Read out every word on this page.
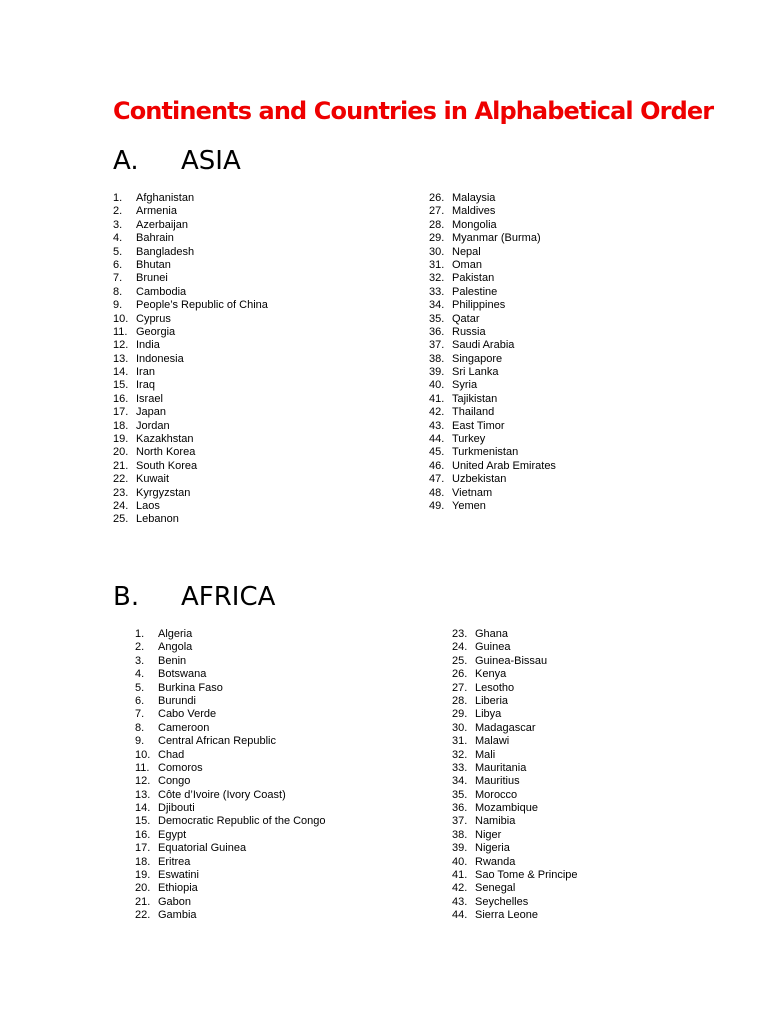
Continents and Countries in Alphabetical Order
A. ASIA
1. Afghanistan
2. Armenia
3. Azerbaijan
4. Bahrain
5. Bangladesh
6. Bhutan
7. Brunei
8. Cambodia
9. People’s Republic of China
10. Cyprus
11. Georgia
12. India
13. Indonesia
14. Iran
15. Iraq
16. Israel
17. Japan
18. Jordan
19. Kazakhstan
20. North Korea
21. South Korea
22. Kuwait
23. Kyrgyzstan
24. Laos
25. Lebanon
26. Malaysia
27. Maldives
28. Mongolia
29. Myanmar (Burma)
30. Nepal
31. Oman
32. Pakistan
33. Palestine
34. Philippines
35. Qatar
36. Russia
37. Saudi Arabia
38. Singapore
39. Sri Lanka
40. Syria
41. Tajikistan
42. Thailand
43. East Timor
44. Turkey
45. Turkmenistan
46. United Arab Emirates
47. Uzbekistan
48. Vietnam
49. Yemen
B. AFRICA
1. Algeria
2. Angola
3. Benin
4. Botswana
5. Burkina Faso
6. Burundi
7. Cabo Verde
8. Cameroon
9. Central African Republic
10. Chad
11. Comoros
12. Congo
13. Côte d’Ivoire (Ivory Coast)
14. Djibouti
15. Democratic Republic of the Congo
16. Egypt
17. Equatorial Guinea
18. Eritrea
19. Eswatini
20. Ethiopia
21. Gabon
22. Gambia
23. Ghana
24. Guinea
25. Guinea-Bissau
26. Kenya
27. Lesotho
28. Liberia
29. Libya
30. Madagascar
31. Malawi
32. Mali
33. Mauritania
34. Mauritius
35. Morocco
36. Mozambique
37. Namibia
38. Niger
39. Nigeria
40. Rwanda
41. Sao Tome & Principe
42. Senegal
43. Seychelles
44. Sierra Leone
